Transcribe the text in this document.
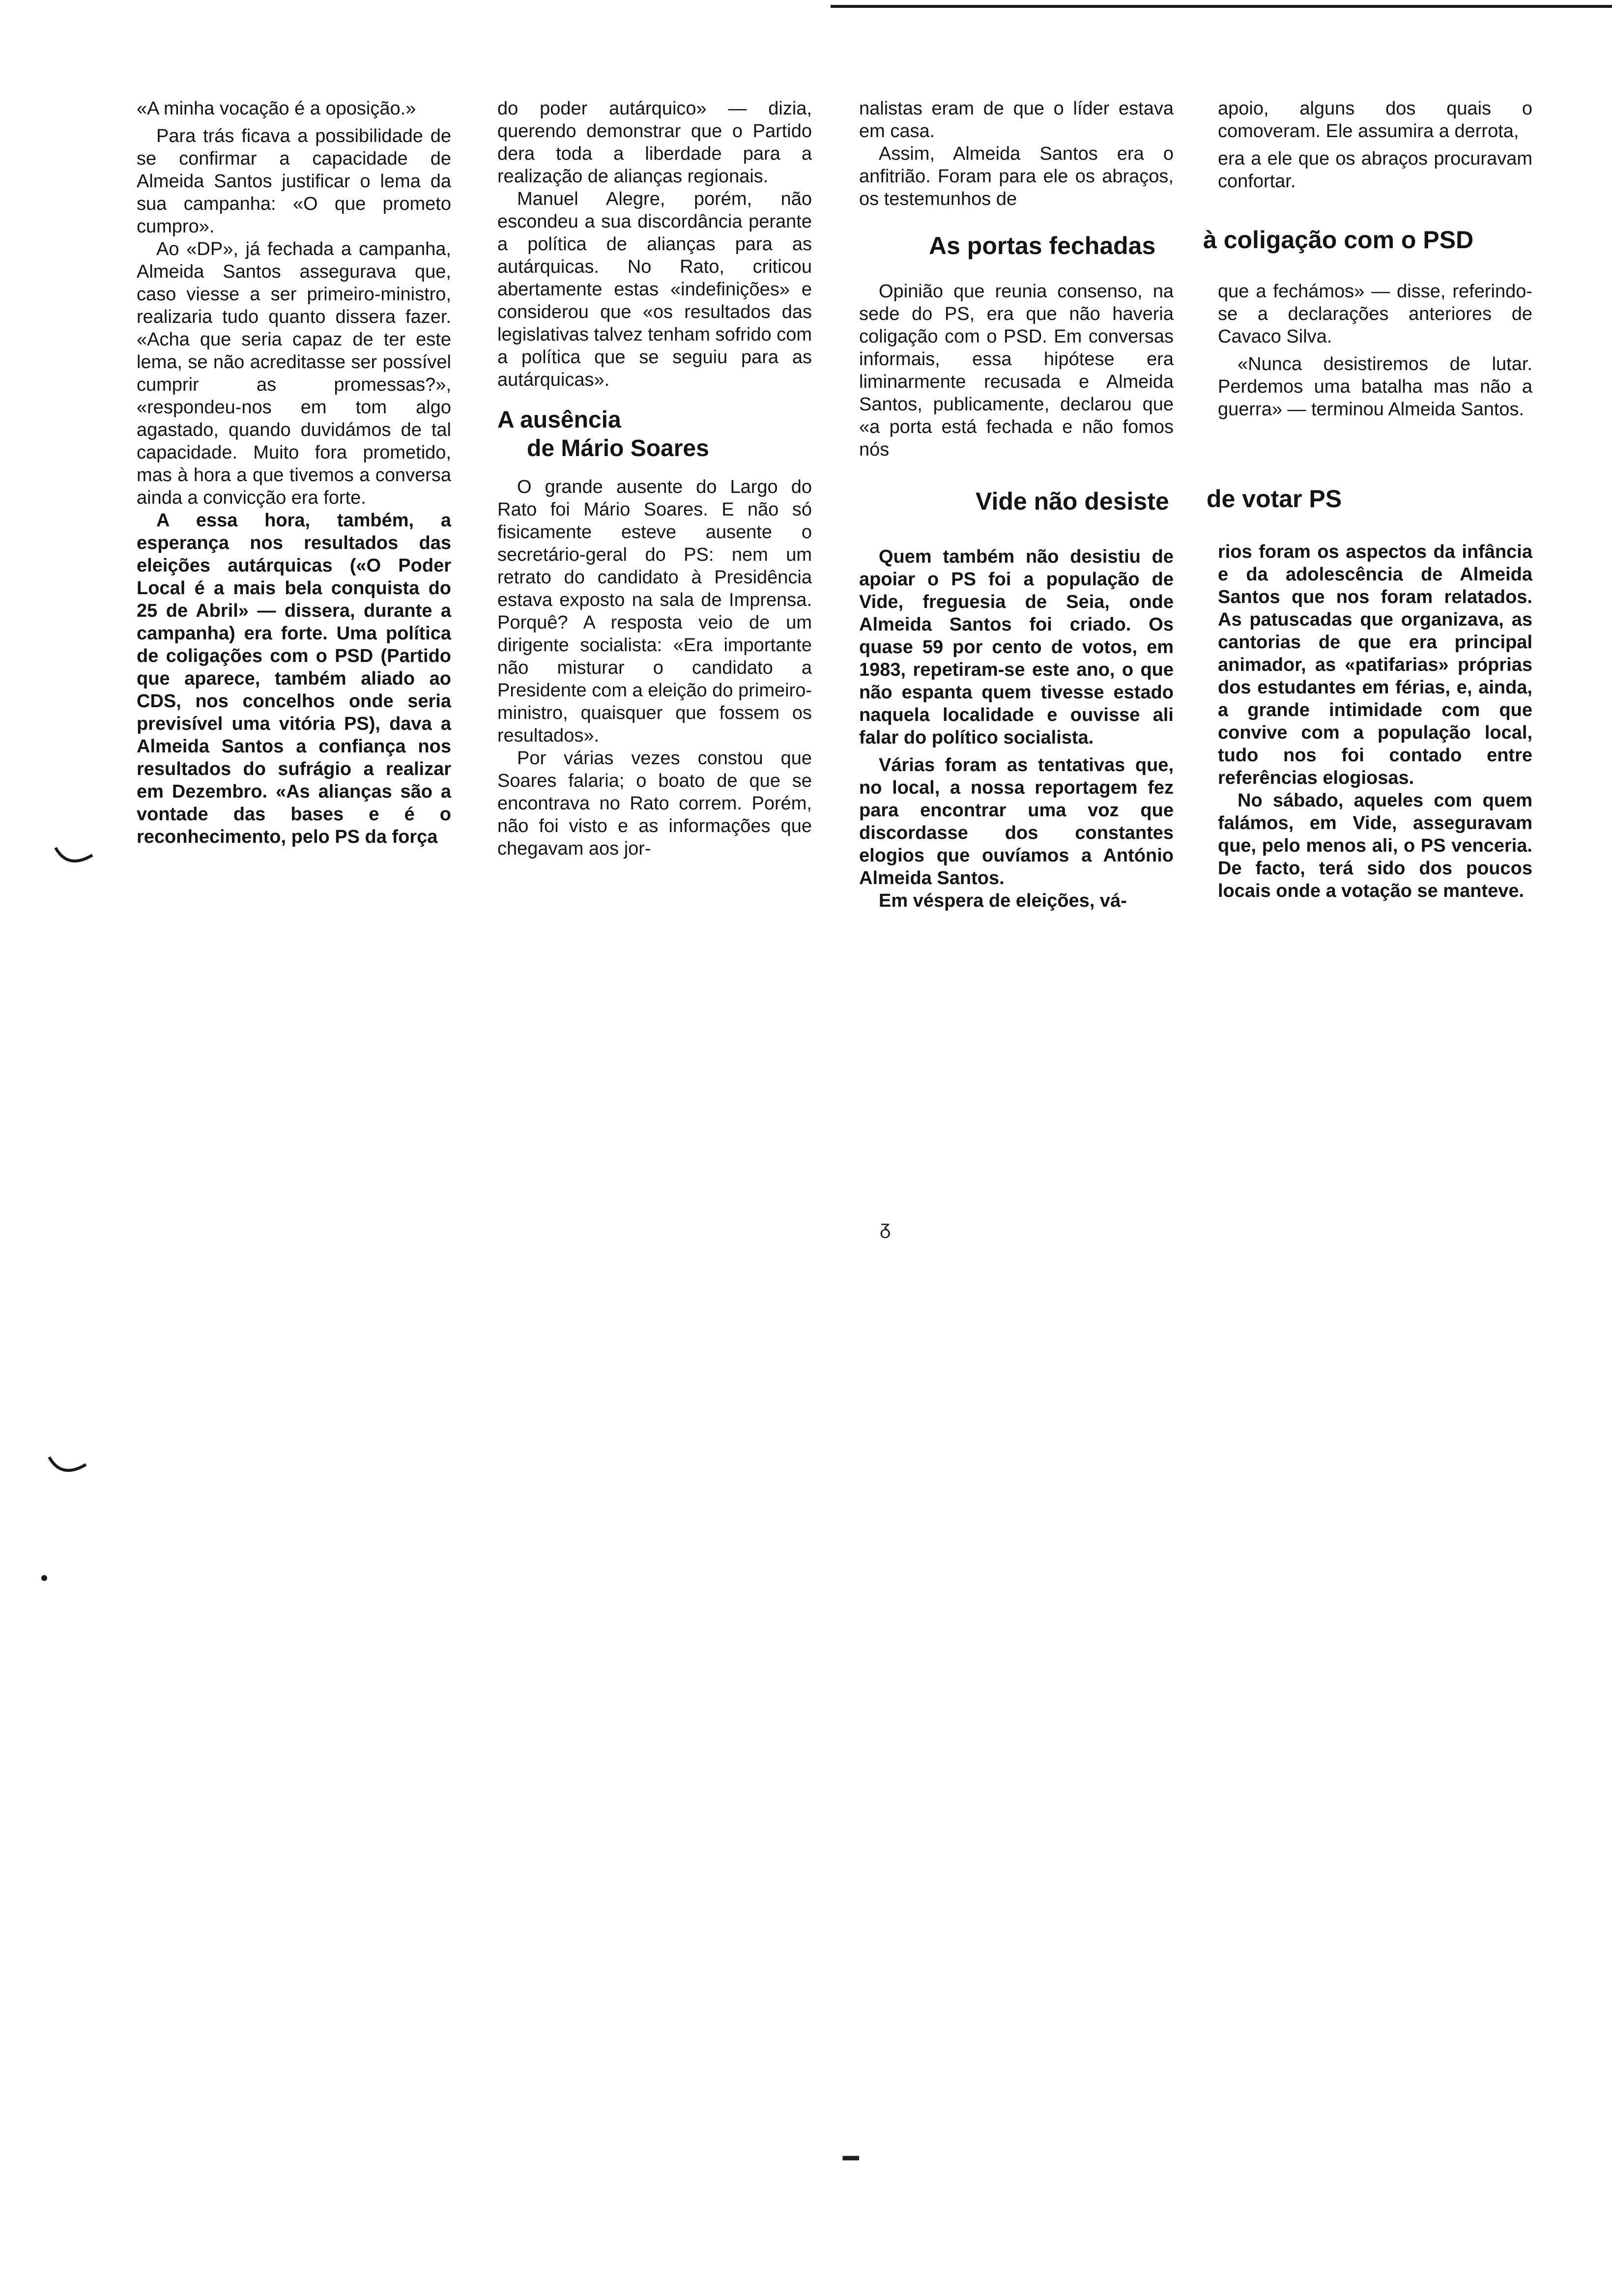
«A minha vocação é a oposição.»

Para trás ficava a possibilidade de se confirmar a capacidade de Almeida Santos justificar o lema da sua campanha: «O que prometo cumpro».

Ao «DP», já fechada a campanha, Almeida Santos assegurava que, caso viesse a ser primeiro-ministro, realizaria tudo quanto dissera fazer. «Acha que seria capaz de ter este lema, se não acreditasse ser possível cumprir as promessas?», «respondeu-nos em tom algo agastado, quando duvidámos de tal capacidade. Muito fora prometido, mas à hora a que tivemos a conversa ainda a convicção era forte.

A essa hora, também, a esperança nos resultados das eleições autárquicas («O Poder Local é a mais bela conquista do 25 de Abril» — dissera, durante a campanha) era forte. Uma política de coligações com o PSD (Partido que aparece, também aliado ao CDS, nos concelhos onde seria previsível uma vitória PS), dava a Almeida Santos a confiança nos resultados do sufrágio a realizar em Dezembro. «As alianças são a vontade das bases e é o reconhecimento, pelo PS da força

do poder autárquico» — dizia, querendo demonstrar que o Partido dera toda a liberdade para a realização de alianças regionais.

Manuel Alegre, porém, não escondeu a sua discordância perante a política de alianças para as autárquicas. No Rato, criticou abertamente estas «indefinições» e considerou que «os resultados das legislativas talvez tenham sofrido com a política que se seguiu para as autárquicas».

A ausência
de Mário Soares

O grande ausente do Largo do Rato foi Mário Soares. E não só fisicamente esteve ausente o secretário-geral do PS: nem um retrato do candidato à Presidência estava exposto na sala de Imprensa. Porquê? A resposta veio de um dirigente socialista: «Era importante não misturar o candidato a Presidente com a eleição do primeiro-ministro, quaisquer que fossem os resultados».

Por várias vezes constou que Soares falaria; o boato de que se encontrava no Rato correm. Porém, não foi visto e as informações que chegavam aos jor-

nalistas eram de que o líder estava em casa.

Assim, Almeida Santos era o anfitrião. Foram para ele os abraços, os testemunhos de

apoio, alguns dos quais o comoveram. Ele assumira a derrota,

era a ele que os abraços procuravam confortar.

As portas fechadas à coligação com o PSD

Opinião que reunia consenso, na sede do PS, era que não haveria coligação com o PSD. Em conversas informais, essa hipótese era liminarmente recusada e Almeida Santos, publicamente, declarou que «a porta está fechada e não fomos nós

que a fechámos» — disse, referindo-se a declarações anteriores de Cavaco Silva.

«Nunca desistiremos de lutar. Perdemos uma batalha mas não a guerra» — terminou Almeida Santos.

Vide não desiste de votar PS

Quem também não desistiu de apoiar o PS foi a população de Vide, freguesia de Seia, onde Almeida Santos foi criado. Os quase 59 por cento de votos, em 1983, repetiram-se este ano, o que não espanta quem tivesse estado naquela localidade e ouvisse ali falar do político socialista.

Várias foram as tentativas que, no local, a nossa reportagem fez para encontrar uma voz que discordasse dos constantes elogios que ouvíamos a António Almeida Santos.

Em véspera de eleições, vá-

rios foram os aspectos da infância e da adolescência de Almeida Santos que nos foram relatados. As patuscadas que organizava, as cantorias de que era principal animador, as «patifarias» próprias dos estudantes em férias, e, ainda, a grande intimidade com que convive com a população local, tudo nos foi contado entre referências elogiosas.

No sábado, aqueles com quem falámos, em Vide, asseguravam que, pelo menos ali, o PS venceria. De facto, terá sido dos poucos locais onde a votação se manteve.

ᵹ
━
